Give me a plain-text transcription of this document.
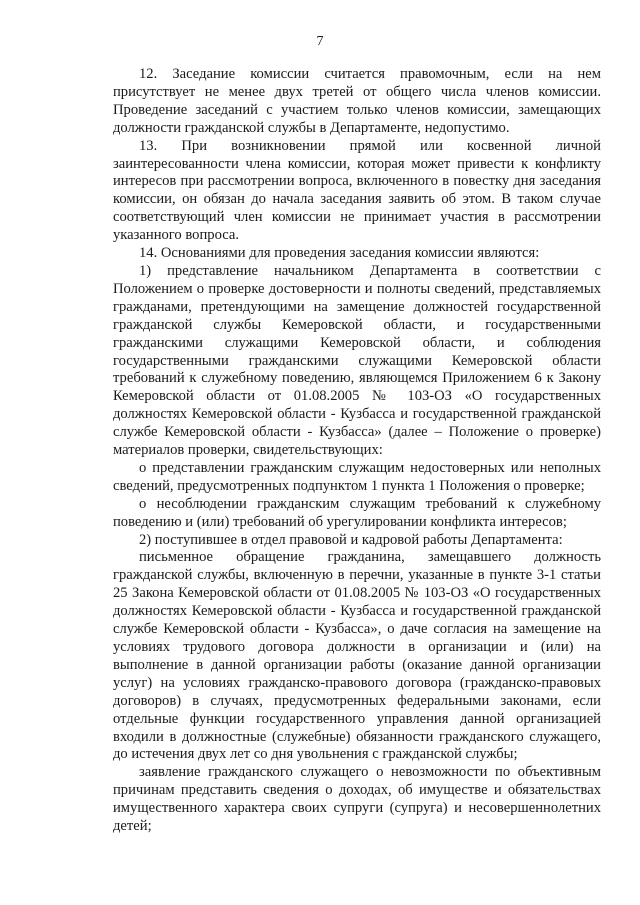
7

12. Заседание комиссии считается правомочным, если на нем присутствует не менее двух третей от общего числа членов комиссии. Проведение заседаний с участием только членов комиссии, замещающих должности гражданской службы в Департаменте, недопустимо.

13. При возникновении прямой или косвенной личной заинтересованности члена комиссии, которая может привести к конфликту интересов при рассмотрении вопроса, включенного в повестку дня заседания комиссии, он обязан до начала заседания заявить об этом. В таком случае соответствующий член комиссии не принимает участия в рассмотрении указанного вопроса.

14. Основаниями для проведения заседания комиссии являются:

1) представление начальником Департамента в соответствии с Положением о проверке достоверности и полноты сведений, представляемых гражданами, претендующими на замещение должностей государственной гражданской службы Кемеровской области, и государственными гражданскими служащими Кемеровской области, и соблюдения государственными гражданскими служащими Кемеровской области требований к служебному поведению, являющемся Приложением 6 к Закону Кемеровской области от 01.08.2005 № 103-ОЗ «О государственных должностях Кемеровской области - Кузбасса и государственной гражданской службе Кемеровской области - Кузбасса» (далее – Положение о проверке) материалов проверки, свидетельствующих:

о представлении гражданским служащим недостоверных или неполных сведений, предусмотренных подпунктом 1 пункта 1 Положения о проверке;

о несоблюдении гражданским служащим требований к служебному поведению и (или) требований об урегулировании конфликта интересов;

2) поступившее в отдел правовой и кадровой работы Департамента:

письменное обращение гражданина, замещавшего должность гражданской службы, включенную в перечни, указанные в пункте 3-1 статьи 25 Закона Кемеровской области от 01.08.2005 № 103-ОЗ «О государственных должностях Кемеровской области - Кузбасса и государственной гражданской службе Кемеровской области - Кузбасса», о даче согласия на замещение на условиях трудового договора должности в организации и (или) на выполнение в данной организации работы (оказание данной организации услуг) на условиях гражданско-правового договора (гражданско-правовых договоров) в случаях, предусмотренных федеральными законами, если отдельные функции государственного управления данной организацией входили в должностные (служебные) обязанности гражданского служащего, до истечения двух лет со дня увольнения с гражданской службы;

заявление гражданского служащего о невозможности по объективным причинам представить сведения о доходах, об имуществе и обязательствах имущественного характера своих супруги (супруга) и несовершеннолетних детей;
